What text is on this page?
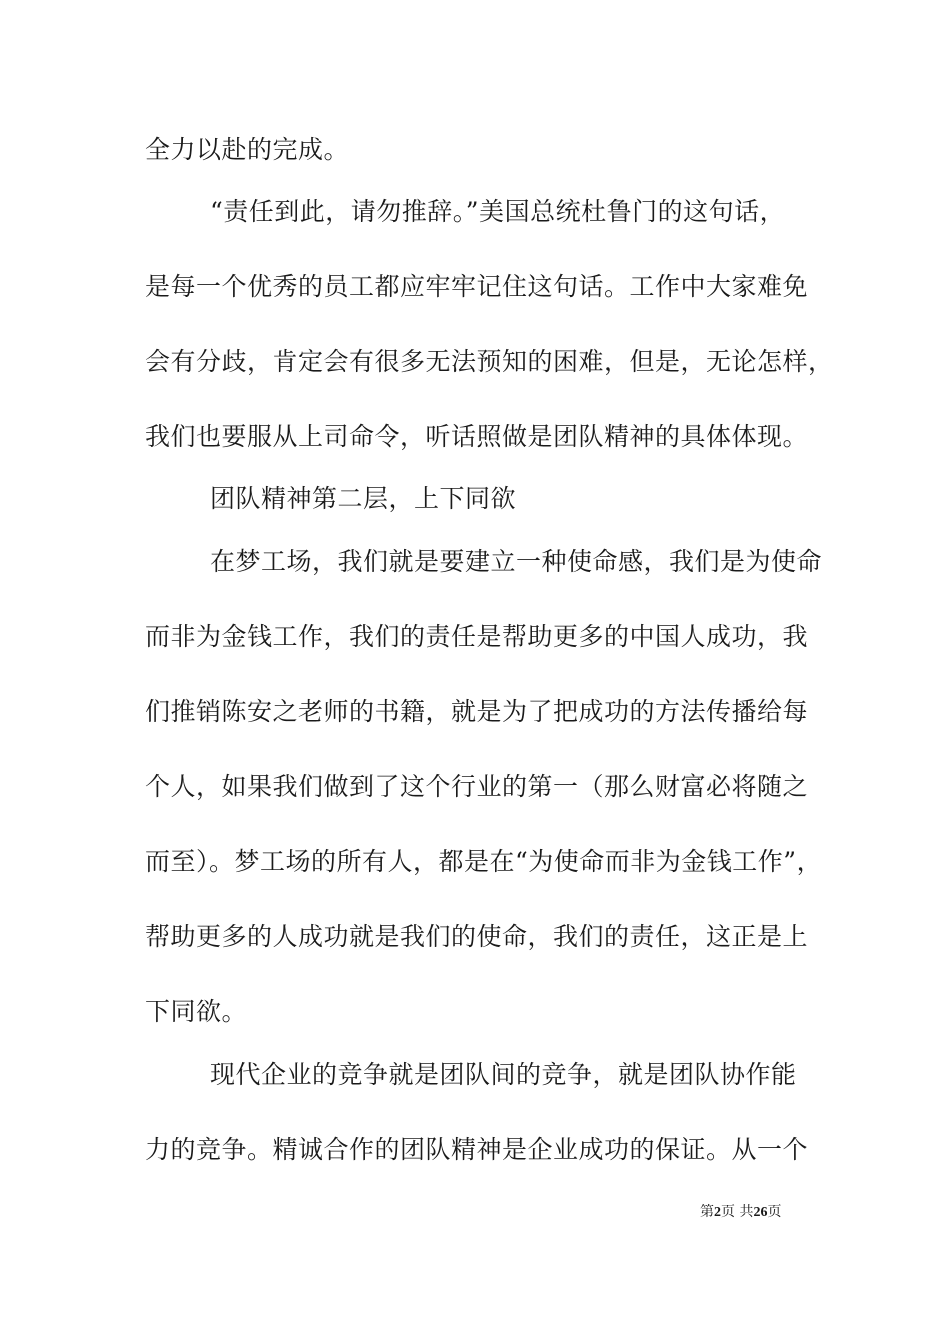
全力以赴的完成。
“责任到此，请勿推辞。”美国总统杜鲁门的这句话，
是每一个优秀的员工都应牢牢记住这句话。工作中大家难免
会有分歧，肯定会有很多无法预知的困难，但是，无论怎样，
我们也要服从上司命令，听话照做是团队精神的具体体现。
团队精神第二层，上下同欲
在梦工场，我们就是要建立一种使命感，我们是为使命
而非为金钱工作，我们的责任是帮助更多的中国人成功，我
们推销陈安之老师的书籍，就是为了把成功的方法传播给每
个人，如果我们做到了这个行业的第一（那么财富必将随之
而至）。梦工场的所有人，都是在“为使命而非为金钱工作”，
帮助更多的人成功就是我们的使命，我们的责任，这正是上
下同欲。
现代企业的竞争就是团队间的竞争，就是团队协作能
力的竞争。精诚合作的团队精神是企业成功的保证。从一个
第2页 共26页
